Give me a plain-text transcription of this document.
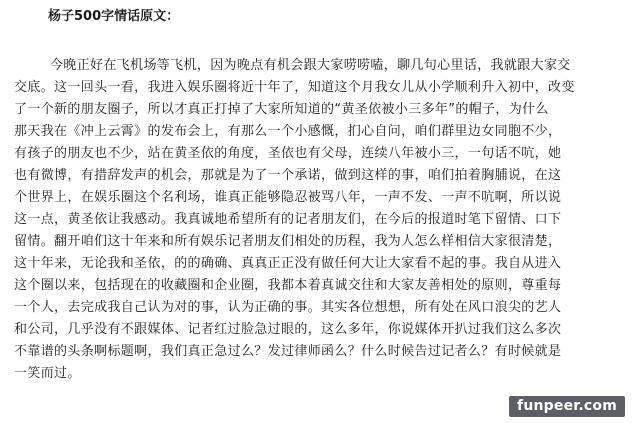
杨子500字情话原文：
今晚正好在飞机场等飞机，因为晚点有机会跟大家唠唠嗑，聊几句心里话，我就跟大家交
交底。这一回头一看，我进入娱乐圈将近十年了，知道这个月我女儿从小学顺利升入初中，改变
了一个新的朋友圈子，所以才真正打掉了大家所知道的“黄圣依被小三多年”的帽子，为什么
那天我在《冲上云霄》的发布会上，有那么一个小感慨，扪心自问，咱们群里边女同胞不少，
有孩子的朋友也不少，站在黄圣依的角度，圣依也有父母，连续八年被小三，一句话不吭，她
也有微博，有措辞发声的机会，那就是为了一个承诺，做到这样的事，咱们拍着胸脯说，在这
个世界上，在娱乐圈这个名利场，谁真正能够隐忍被骂八年，一声不发、一声不吭啊，所以说
这一点，黄圣依让我感动。我真诚地希望所有的记者朋友们，在今后的报道时笔下留情、口下
留情。翻开咱们这十年来和所有娱乐记者朋友们相处的历程，我为人怎么样相信大家很清楚，
这十年来，无论我和圣依，的的确确、真真正正没有做任何大让大家看不起的事。我自从进入
这个圈以来，包括现在的收藏圈和企业圈，我都本着真诚交往和大家友善相处的原则，尊重每
一个人，去完成我自己认为对的事，认为正确的事。其实各位想想，所有处在风口浪尖的艺人
和公司，几乎没有不跟媒体、记者红过脸急过眼的，这么多年，你说媒体开扒过我们这么多次
不靠谱的头条啊标题啊，我们真正急过么？发过律师函么？什么时候告过记者么？有时候就是
一笑而过。
funpeer.com
